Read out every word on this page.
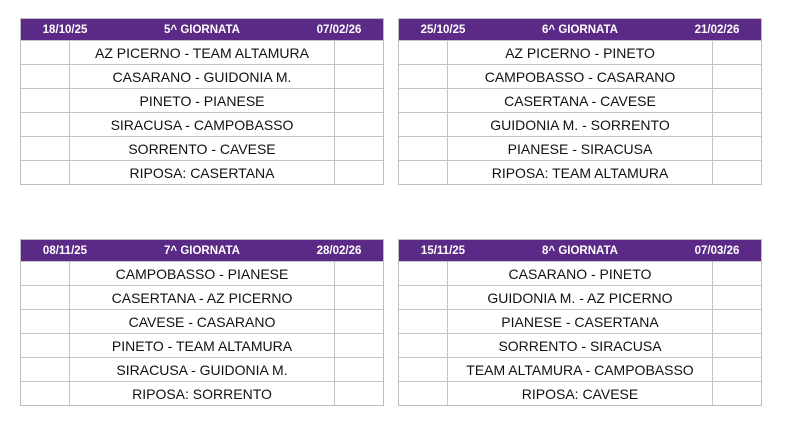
18/10/25	5^ GIORNATA	07/02/26
AZ PICERNO - TEAM ALTAMURA
CASARANO - GUIDONIA M.
PINETO - PIANESE
SIRACUSA - CAMPOBASSO
SORRENTO - CAVESE
RIPOSA: CASERTANA
25/10/25	6^ GIORNATA	21/02/26
AZ PICERNO - PINETO
CAMPOBASSO - CASARANO
CASERTANA - CAVESE
GUIDONIA M. - SORRENTO
PIANESE - SIRACUSA
RIPOSA: TEAM ALTAMURA
08/11/25	7^ GIORNATA	28/02/26
CAMPOBASSO - PIANESE
CASERTANA - AZ PICERNO
CAVESE - CASARANO
PINETO - TEAM ALTAMURA
SIRACUSA - GUIDONIA M.
RIPOSA: SORRENTO
15/11/25	8^ GIORNATA	07/03/26
CASARANO - PINETO
GUIDONIA M. - AZ PICERNO
PIANESE - CASERTANA
SORRENTO - SIRACUSA
TEAM ALTAMURA - CAMPOBASSO
RIPOSA: CAVESE
